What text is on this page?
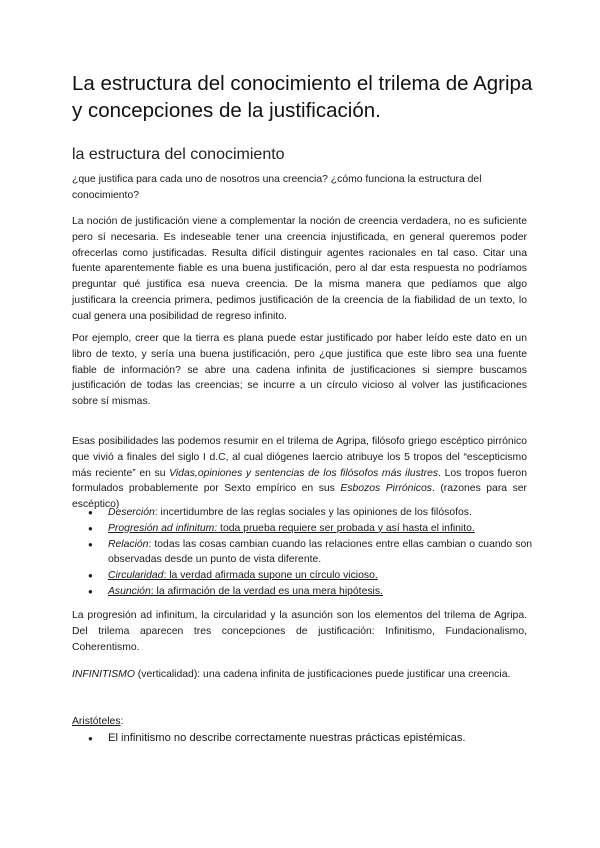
La estructura del conocimiento el trilema de Agripa y concepciones de la justificación.
la estructura del conocimiento

¿que justifica para cada uno de nosotros una creencia? ¿cómo funciona la estructura del conocimiento?

La noción de justificación viene a complementar la noción de creencia verdadera, no es suficiente pero sí necesaria. Es indeseable tener una creencia injustificada, en general queremos poder ofrecerlas como justificadas. Resulta difícil distinguir agentes racionales en tal caso. Citar una fuente aparentemente fiable es una buena justificación, pero al dar esta respuesta no podríamos preguntar qué justifica esa nueva creencia. De la misma manera que pedíamos que algo justificara la creencia primera, pedimos justificación de la creencia de la fiabilidad de un texto, lo cual genera una posibilidad de regreso infinito.

Por ejemplo, creer que la tierra es plana puede estar justificado por haber leído este dato en un libro de texto, y sería una buena justificación, pero ¿que justifica que este libro sea una fuente fiable de información? se abre una cadena infinita de justificaciones si siempre buscamos justificación de todas las creencias; se incurre a un círculo vicioso al volver las justificaciones sobre sí mismas.

Esas posibilidades las podemos resumir en el trilema de Agripa, filósofo griego escéptico pirrónico que vivió a finales del siglo I d.C, al cual diógenes laercio atribuye los 5 tropos del “escepticismo más reciente” en su Vidas,opiniones y sentencias de los filósofos más ilustres. Los tropos fueron formulados probablemente por Sexto empírico en sus Esbozos Pirrónicos. (razones para ser escéptico)

● Deserción: incertidumbre de las reglas sociales y las opiniones de los filósofos.
● Progresión ad infinitum: toda prueba requiere ser probada y así hasta el infinito.
● Relación: todas las cosas cambian cuando las relaciones entre ellas cambian o cuando son observadas desde un punto de vista diferente.
● Circularidad: la verdad afirmada supone un círculo vicioso.
● Asunción: la afirmación de la verdad es una mera hipótesis.

La progresión ad infinitum, la circularidad y la asunción son los elementos del trilema de Agripa. Del trilema aparecen tres concepciones de justificación: Infinitismo, Fundacionalismo, Coherentismo.

INFINITISMO (verticalidad): una cadena infinita de justificaciones puede justificar una creencia.

Aristóteles:

● El infinitismo no describe correctamente nuestras prácticas epistémicas.
